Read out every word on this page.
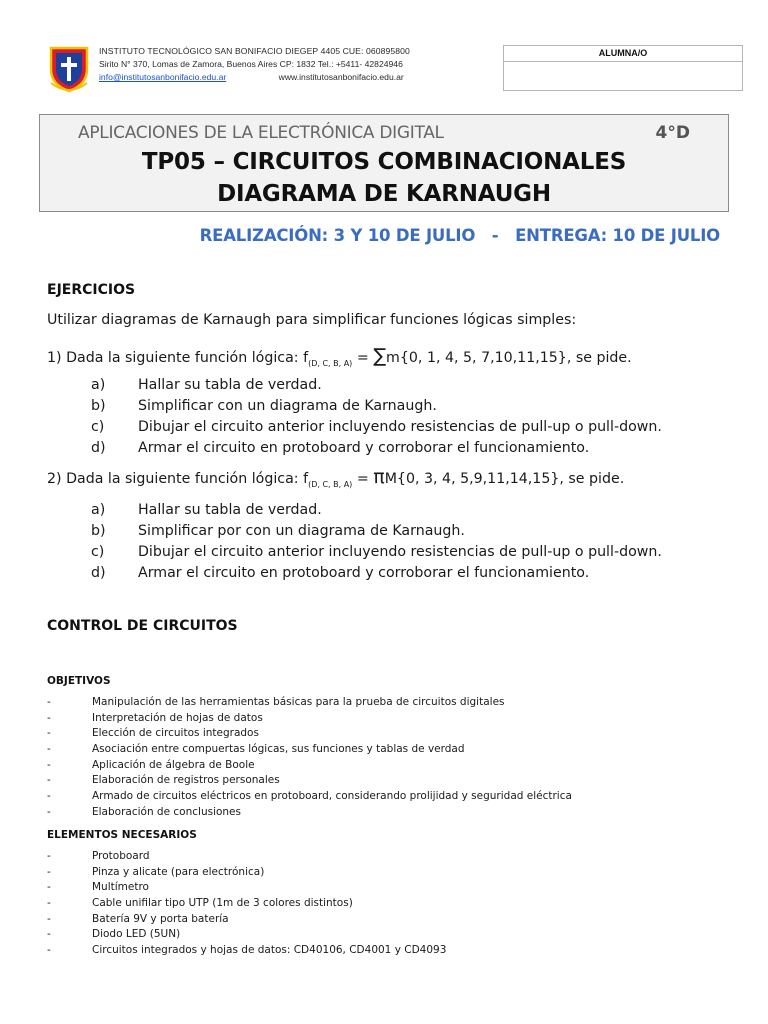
INSTITUTO TECNOLÓGICO SAN BONIFACIO DIEGEP 4405 CUE: 060895800
Sirito N° 370, Lomas de Zamora, Buenos Aires CP: 1832 Tel.: +5411- 42824946
info@institutosanbonifacio.edu.ar	www.institutosanbonifacio.edu.ar
ALUMNA/O
APLICACIONES DE LA ELECTRÓNICA DIGITAL	4°D
TP05 – CIRCUITOS COMBINACIONALES
DIAGRAMA DE KARNAUGH
REALIZACIÓN: 3 Y 10 DE JULIO   -   ENTREGA: 10 DE JULIO
EJERCICIOS
Utilizar diagramas de Karnaugh para simplificar funciones lógicas simples:
1) Dada la siguiente función lógica: $f_{(D, C, B, A)} = \sum m\{0$, 1, 4, 5, 7,10,11,15}, se pide.
a) Hallar su tabla de verdad.
b) Simplificar con un diagrama de Karnaugh.
c) Dibujar el circuito anterior incluyendo resistencias de pull-up o pull-down.
d) Armar el circuito en protoboard y corroborar el funcionamiento.
2) Dada la siguiente función lógica: $f_{(D, C, B, A)} = \pi M\{0$, 3, 4, 5,9,11,14,15}, se pide.
a) Hallar su tabla de verdad.
b) Simplificar por con un diagrama de Karnaugh.
c) Dibujar el circuito anterior incluyendo resistencias de pull-up o pull-down.
d) Armar el circuito en protoboard y corroborar el funcionamiento.
CONTROL DE CIRCUITOS
OBJETIVOS
-	Manipulación de las herramientas básicas para la prueba de circuitos digitales
-	Interpretación de hojas de datos
-	Elección de circuitos integrados
-	Asociación entre compuertas lógicas, sus funciones y tablas de verdad
-	Aplicación de álgebra de Boole
-	Elaboración de registros personales
-	Armado de circuitos eléctricos en protoboard, considerando prolijidad y seguridad eléctrica
-	Elaboración de conclusiones
ELEMENTOS NECESARIOS
-	Protoboard
-	Pinza y alicate (para electrónica)
-	Multímetro
-	Cable unifilar tipo UTP (1m de 3 colores distintos)
-	Batería 9V y porta batería
-	Diodo LED (5UN)
-	Circuitos integrados y hojas de datos: CD40106, CD4001 y CD4093
